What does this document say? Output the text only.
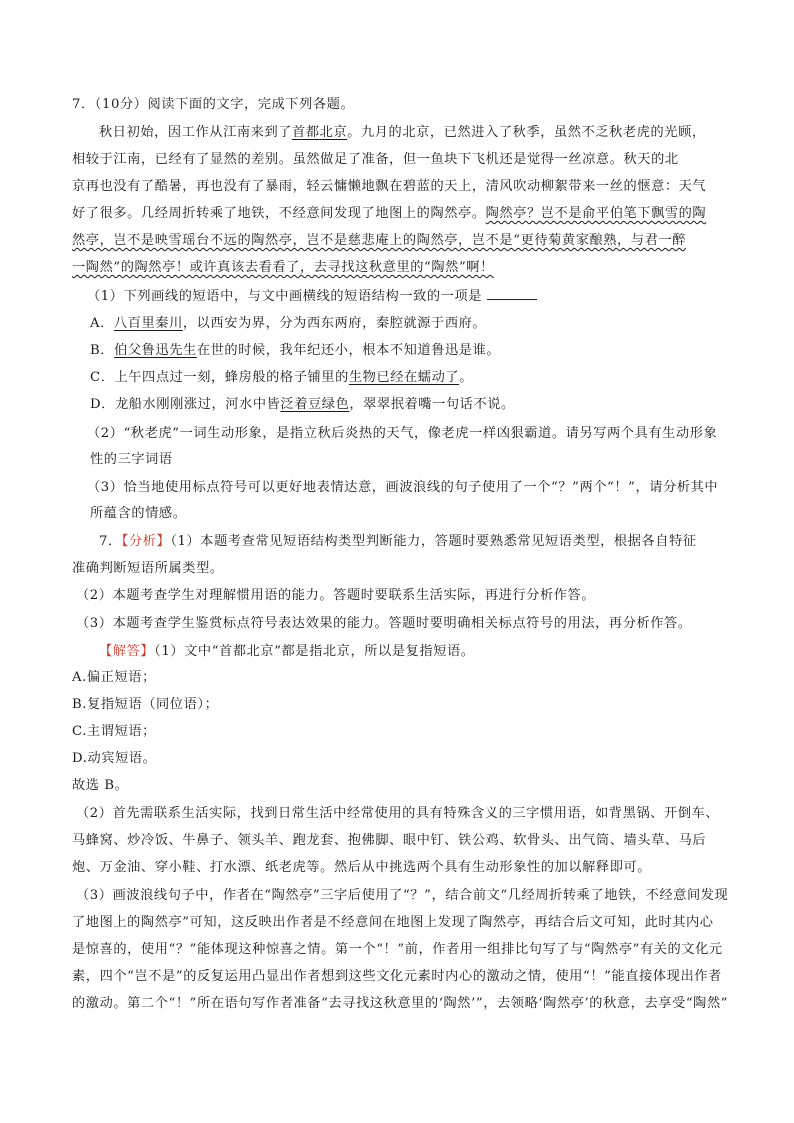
7．（10分）阅读下面的文字，完成下列各题。
秋日初始，因工作从江南来到了首都北京。九月的北京，已然进入了秋季，虽然不乏秋老虎的光顾，
相较于江南，已经有了显然的差别。虽然做足了准备，但一鱼块下飞机还是觉得一丝凉意。秋天的北
京再也没有了酷暑，再也没有了暴雨，轻云慵懒地飘在碧蓝的天上，清风吹动柳絮带来一丝的惬意：天气
好了很多。几经周折转乘了地铁，不经意间发现了地图上的陶然亭。陶然亭？岂不是俞平伯笔下飘雪的陶
然亭，岂不是映雪瑶台不远的陶然亭，岂不是慈悲庵上的陶然亭，岂不是“更待菊黄家酿熟，与君一醉
一陶然”的陶然亭！或许真该去看看了，去寻找这秋意里的“陶然”啊！
（1）下列画线的短语中，与文中画横线的短语结构一致的一项是
A．八百里秦川，以西安为界，分为西东两府，秦腔就源于西府。
B．伯父鲁迅先生在世的时候，我年纪还小，根本不知道鲁迅是谁。
C．上午四点过一刻，蜂房般的格子铺里的生物已经在蠕动了。
D．龙船水刚刚涨过，河水中皆泛着豆绿色，翠翠抿着嘴一句话不说。
（2）“秋老虎”一词生动形象，是指立秋后炎热的天气，像老虎一样凶狠霸道。请另写两个具有生动形象
性的三字词语
（3）恰当地使用标点符号可以更好地表情达意，画波浪线的句子使用了一个“？”两个“！”，请分析其中
所蕴含的情感。
7．【分析】（1）本题考查常见短语结构类型判断能力，答题时要熟悉常见短语类型，根据各自特征
准确判断短语所属类型。
（2）本题考查学生对理解惯用语的能力。答题时要联系生活实际，再进行分析作答。
（3）本题考查学生鉴赏标点符号表达效果的能力。答题时要明确相关标点符号的用法，再分析作答。
【解答】（1）文中“首都北京”都是指北京，所以是复指短语。
A.偏正短语；
B.复指短语（同位语）；
C.主谓短语；
D.动宾短语。
故选 B。
（2）首先需联系生活实际，找到日常生活中经常使用的具有特殊含义的三字惯用语，如背黑锅、开倒车、
马蜂窝、炒冷饭、牛鼻子、领头羊、跑龙套、抱佛脚、眼中钉、铁公鸡、软骨头、出气筒、墙头草、马后
炮、万金油、穿小鞋、打水漂、纸老虎等。然后从中挑选两个具有生动形象性的加以解释即可。
（3）画波浪线句子中，作者在“陶然亭”三字后使用了“？”，结合前文“几经周折转乘了地铁，不经意间发现
了地图上的陶然亭”可知，这反映出作者是不经意间在地图上发现了陶然亭，再结合后文可知，此时其内心
是惊喜的，使用“？”能体现这种惊喜之情。第一个“！”前，作者用一组排比句写了与“陶然亭”有关的文化元
素，四个“岂不是”的反复运用凸显出作者想到这些文化元素时内心的激动之情，使用“！”能直接体现出作者
的激动。第二个“！”所在语句写作者准备“去寻找这秋意里的‘陶然’”，去领略‘陶然亭’的秋意，去享受“陶然”
